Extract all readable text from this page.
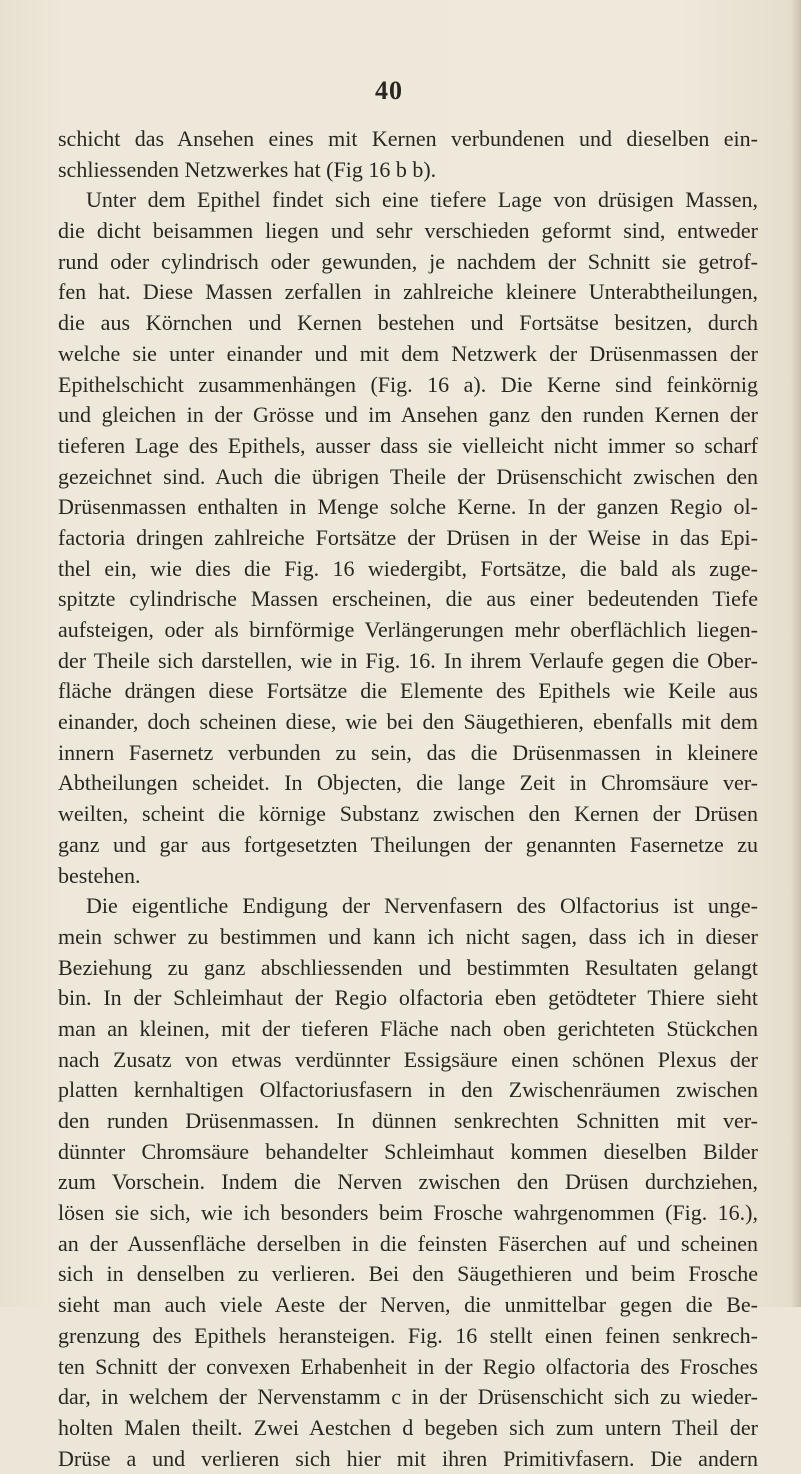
40
schicht das Ansehen eines mit Kernen verbundenen und dieselben ein-
schliessenden Netzwerkes hat (Fig 16 b b).
Unter dem Epithel findet sich eine tiefere Lage von drüsigen Massen,
die dicht beisammen liegen und sehr verschieden geformt sind, entweder
rund oder cylindrisch oder gewunden, je nachdem der Schnitt sie getrof-
fen hat. Diese Massen zerfallen in zahlreiche kleinere Unterabtheilungen,
die aus Körnchen und Kernen bestehen und Fortsätse besitzen, durch
welche sie unter einander und mit dem Netzwerk der Drüsenmassen der
Epithelschicht zusammenhängen (Fig. 16 a). Die Kerne sind feinkörnig
und gleichen in der Grösse und im Ansehen ganz den runden Kernen der
tieferen Lage des Epithels, ausser dass sie vielleicht nicht immer so scharf
gezeichnet sind. Auch die übrigen Theile der Drüsenschicht zwischen den
Drüsenmassen enthalten in Menge solche Kerne. In der ganzen Regio ol-
factoria dringen zahlreiche Fortsätze der Drüsen in der Weise in das Epi-
thel ein, wie dies die Fig. 16 wiedergibt, Fortsätze, die bald als zuge-
spitzte cylindrische Massen erscheinen, die aus einer bedeutenden Tiefe
aufsteigen, oder als birnförmige Verlängerungen mehr oberflächlich liegen-
der Theile sich darstellen, wie in Fig. 16. In ihrem Verlaufe gegen die Ober-
fläche drängen diese Fortsätze die Elemente des Epithels wie Keile aus
einander, doch scheinen diese, wie bei den Säugethieren, ebenfalls mit dem
innern Fasernetz verbunden zu sein, das die Drüsenmassen in kleinere
Abtheilungen scheidet. In Objecten, die lange Zeit in Chromsäure ver-
weilten, scheint die körnige Substanz zwischen den Kernen der Drüsen
ganz und gar aus fortgesetzten Theilungen der genannten Fasernetze zu
bestehen.
Die eigentliche Endigung der Nervenfasern des Olfactorius ist unge-
mein schwer zu bestimmen und kann ich nicht sagen, dass ich in dieser
Beziehung zu ganz abschliessenden und bestimmten Resultaten gelangt
bin. In der Schleimhaut der Regio olfactoria eben getödteter Thiere sieht
man an kleinen, mit der tieferen Fläche nach oben gerichteten Stückchen
nach Zusatz von etwas verdünnter Essigsäure einen schönen Plexus der
platten kernhaltigen Olfactoriusfasern in den Zwischenräumen zwischen
den runden Drüsenmassen. In dünnen senkrechten Schnitten mit ver-
dünnter Chromsäure behandelter Schleimhaut kommen dieselben Bilder
zum Vorschein. Indem die Nerven zwischen den Drüsen durchziehen,
lösen sie sich, wie ich besonders beim Frosche wahrgenommen (Fig. 16.),
an der Aussenfläche derselben in die feinsten Fäserchen auf und scheinen
sich in denselben zu verlieren. Bei den Säugethieren und beim Frosche
sieht man auch viele Aeste der Nerven, die unmittelbar gegen die Be-
grenzung des Epithels heransteigen. Fig. 16 stellt einen feinen senkrech-
ten Schnitt der convexen Erhabenheit in der Regio olfactoria des Frosches
dar, in welchem der Nervenstamm c in der Drüsenschicht sich zu wieder-
holten Malen theilt. Zwei Aestchen d begeben sich zum untern Theil der
Drüse a und verlieren sich hier mit ihren Primitivfasern. Die andern
